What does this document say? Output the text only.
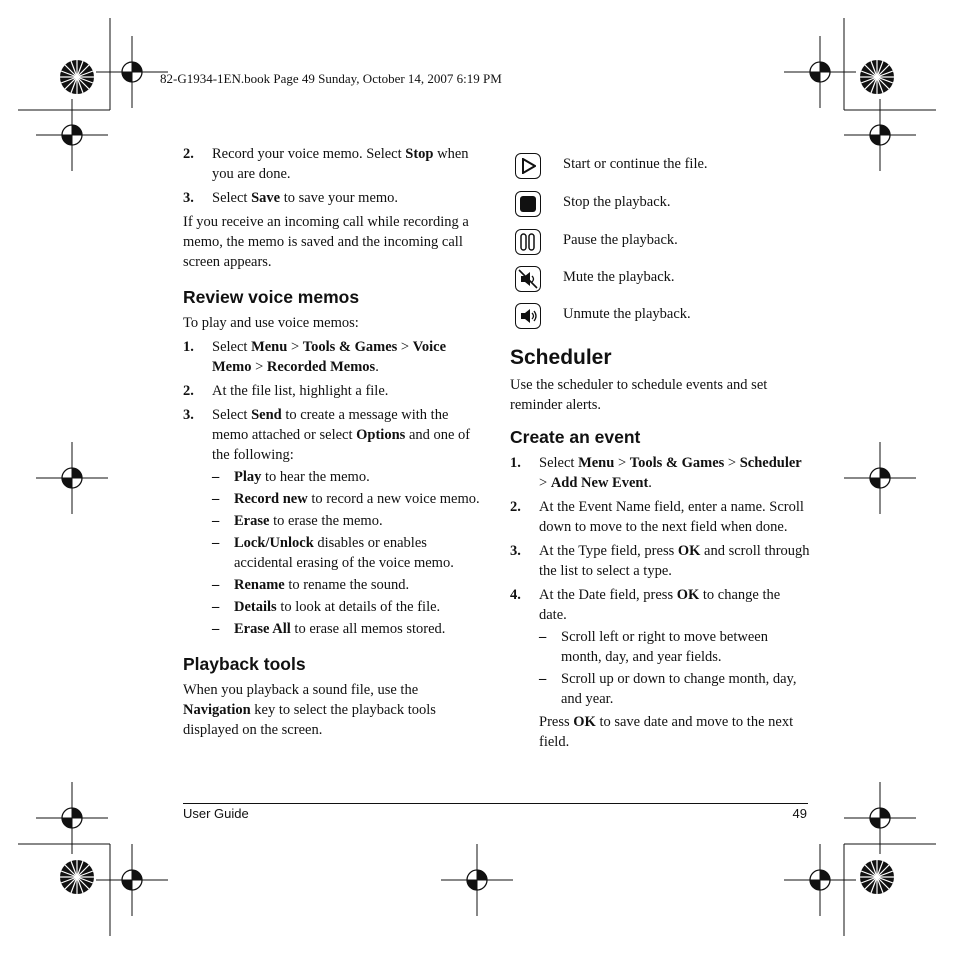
82-G1934-1EN.book Page 49 Sunday, October 14, 2007 6:19 PM
2. Record your voice memo. Select Stop when you are done.
3. Select Save to save your memo.

If you receive an incoming call while recording a memo, the memo is saved and the incoming call screen appears.

Review voice memos

To play and use voice memos:

1. Select Menu > Tools & Games > Voice Memo > Recorded Memos.
2. At the file list, highlight a file.
3. Select Send to create a message with the memo attached or select Options and one of the following:
– Play to hear the memo.
– Record new to record a new voice memo.
– Erase to erase the memo.
– Lock/Unlock disables or enables accidental erasing of the voice memo.
– Rename to rename the sound.
– Details to look at details of the file.
– Erase All to erase all memos stored.
Playback tools

When you playback a sound file, use the Navigation key to select the playback tools displayed on the screen.

Start or continue the file.
Stop the playback.
Pause the playback.
Mute the playback.
Unmute the playback.
Scheduler

Use the scheduler to schedule events and set reminder alerts.

Create an event
1. Select Menu > Tools & Games > Scheduler > Add New Event.
2. At the Event Name field, enter a name. Scroll down to move to the next field when done.
3. At the Type field, press OK and scroll through the list to select a type.
4. At the Date field, press OK to change the date.
– Scroll left or right to move between month, day, and year fields.
– Scroll up or down to change month, day, and year.

Press OK to save date and move to the next field.

User Guide	49
